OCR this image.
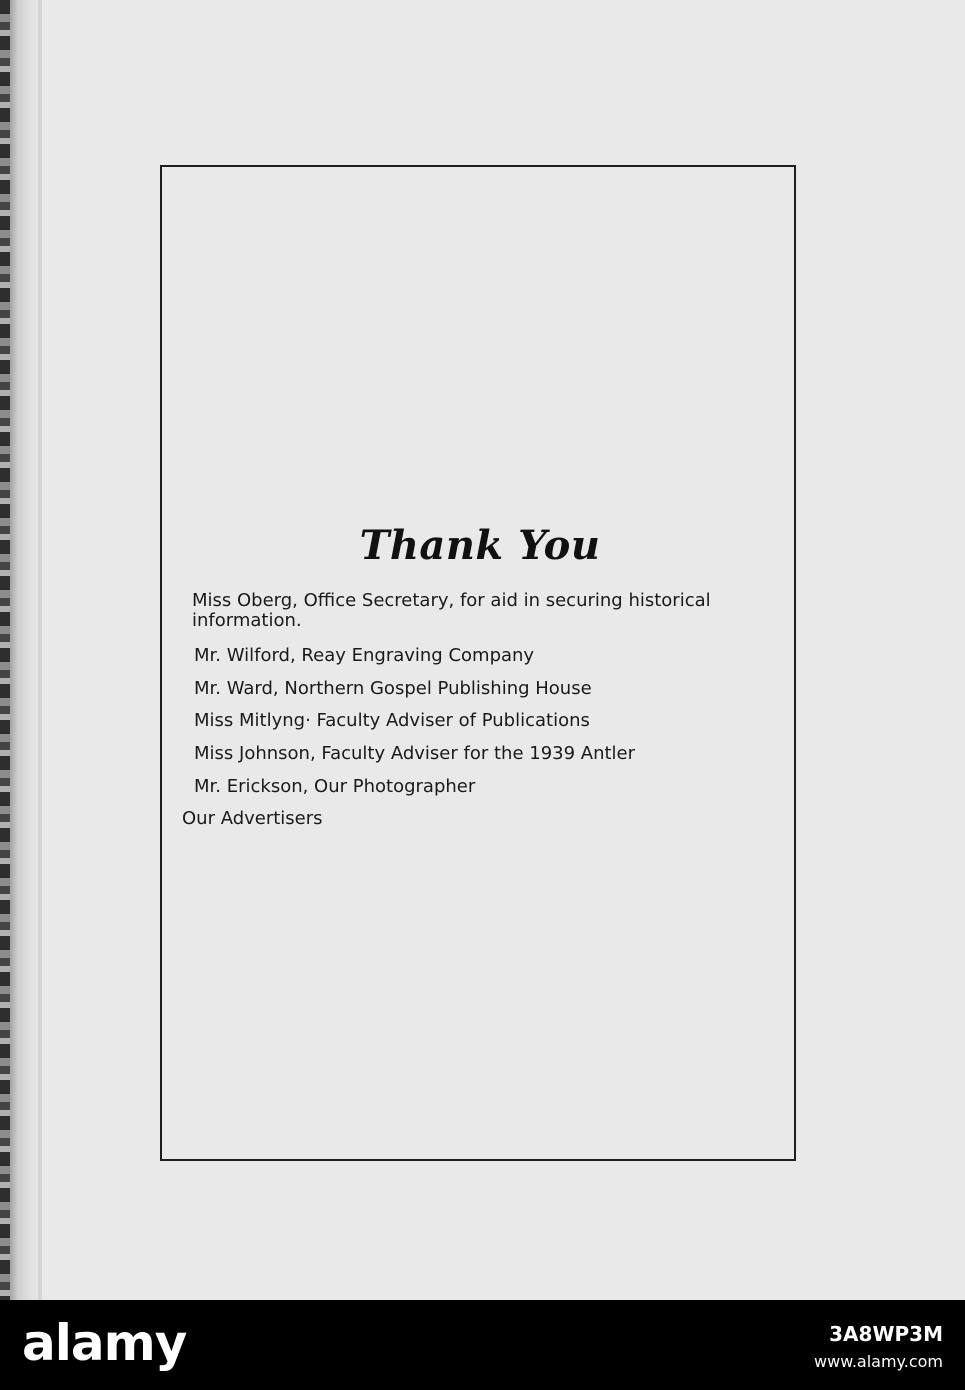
Thank You
Miss Oberg, Office Secretary, for aid in securing historical
information.
Mr. Wilford, Reay Engraving Company
Mr. Ward, Northern Gospel Publishing House
Miss Mitlyng· Faculty Adviser of Publications
Miss Johnson, Faculty Adviser for the 1939 Antler
Mr. Erickson, Our Photographer
Our Advertisers
alamy	3A8WP3M
www.alamy.com
